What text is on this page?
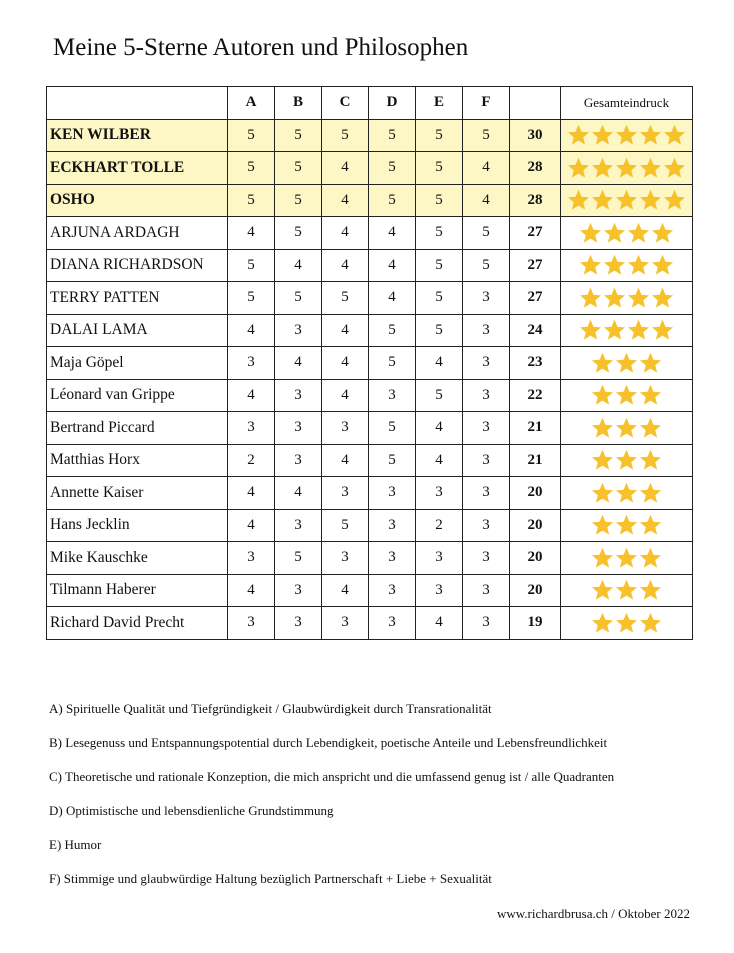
Meine 5-Sterne Autoren und Philosophen
	A	B	C	D	E	F		Gesamteindruck
KEN WILBER	5	5	5	5	5	5	30	

ECKHART TOLLE	5	5	4	5	5	4	28	

OSHO	5	5	4	5	5	4	28	

ARJUNA ARDAGH	4	5	4	4	5	5	27	

DIANA RICHARDSON	5	4	4	4	5	5	27	

TERRY PATTEN	5	5	5	4	5	3	27	

DALAI LAMA	4	3	4	5	5	3	24	

Maja Göpel	3	4	4	5	4	3	23	

Léonard van Grippe	4	3	4	3	5	3	22	

Bertrand Piccard	3	3	3	5	4	3	21	

Matthias Horx	2	3	4	5	4	3	21	

Annette Kaiser	4	4	3	3	3	3	20	

Hans Jecklin	4	3	5	3	2	3	20	

Mike Kauschke	3	5	3	3	3	3	20	

Tilmann Haberer	4	3	4	3	3	3	20	

Richard David Precht	3	3	3	3	4	3	19	
A) Spirituelle Qualität und Tiefgründigkeit / Glaubwürdigkeit durch Transrationalität
B) Lesegenuss und Entspannungspotential durch Lebendigkeit, poetische Anteile und Lebensfreundlichkeit
C) Theoretische und rationale Konzeption, die mich anspricht und die umfassend genug ist / alle Quadranten
D) Optimistische und lebensdienliche Grundstimmung
E) Humor
F) Stimmige und glaubwürdige Haltung bezüglich Partnerschaft + Liebe + Sexualität
www.richardbrusa.ch / Oktober 2022
